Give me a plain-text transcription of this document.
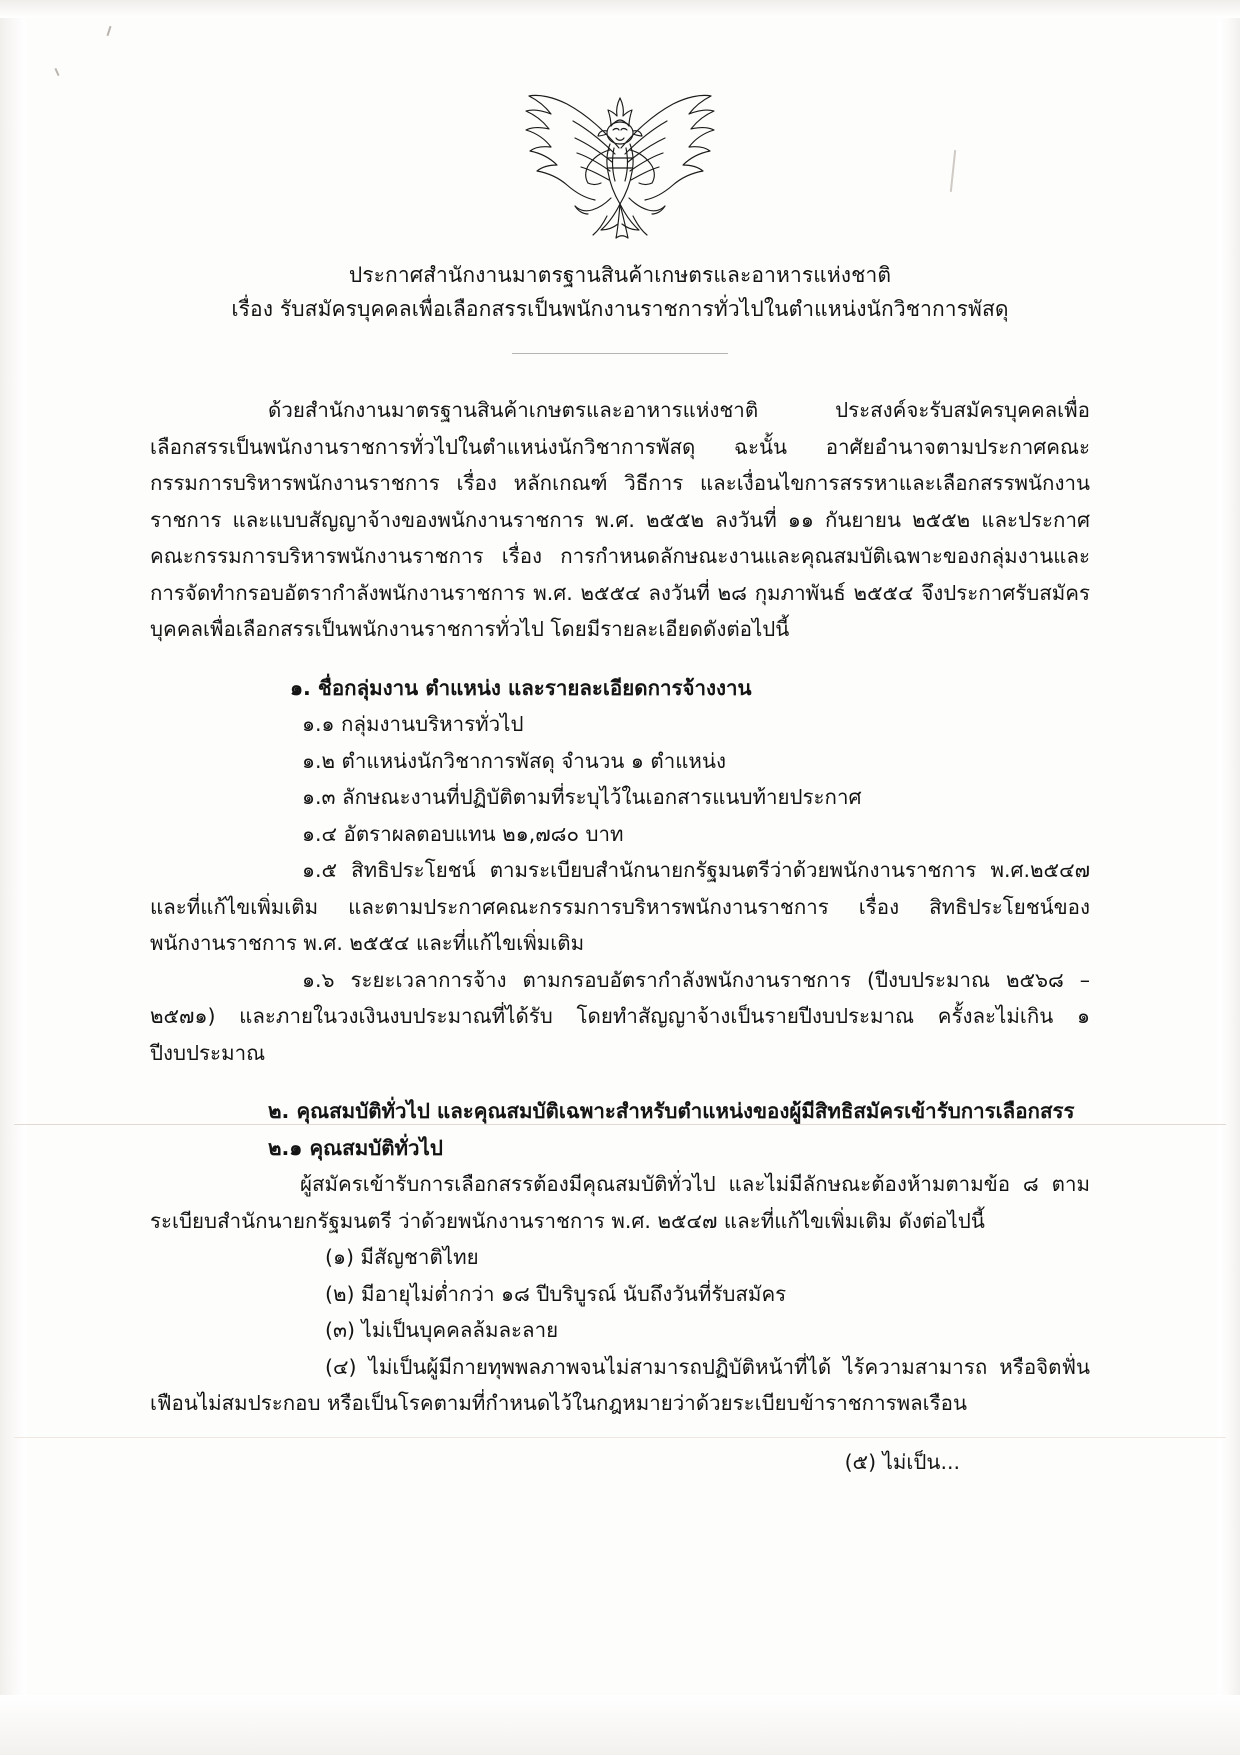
ประกาศสำนักงานมาตรฐานสินค้าเกษตรและอาหารแห่งชาติ
เรื่อง รับสมัครบุคคลเพื่อเลือกสรรเป็นพนักงานราชการทั่วไปในตำแหน่งนักวิชาการพัสดุ

ด้วยสำนักงานมาตรฐานสินค้าเกษตรและอาหารแห่งชาติ ประสงค์จะรับสมัครบุคคลเพื่อเลือกสรรเป็นพนักงานราชการทั่วไปในตำแหน่งนักวิชาการพัสดุ ฉะนั้น อาศัยอำนาจตามประกาศคณะกรรมการบริหารพนักงานราชการ เรื่อง หลักเกณฑ์ วิธีการ และเงื่อนไขการสรรหาและเลือกสรรพนักงานราชการ และแบบสัญญาจ้างของพนักงานราชการ พ.ศ. ๒๕๕๒ ลงวันที่ ๑๑ กันยายน ๒๕๕๒ และประกาศคณะกรรมการบริหารพนักงานราชการ เรื่อง การกำหนดลักษณะงานและคุณสมบัติเฉพาะของกลุ่มงานและการจัดทำกรอบอัตรากำลังพนักงานราชการ พ.ศ. ๒๕๕๔ ลงวันที่ ๒๘ กุมภาพันธ์ ๒๕๕๔ จึงประกาศรับสมัครบุคคลเพื่อเลือกสรรเป็นพนักงานราชการทั่วไป โดยมีรายละเอียดดังต่อไปนี้

๑. ชื่อกลุ่มงาน ตำแหน่ง และรายละเอียดการจ้างงาน

๑.๑ กลุ่มงานบริหารทั่วไป

๑.๒ ตำแหน่งนักวิชาการพัสดุ จำนวน ๑ ตำแหน่ง

๑.๓ ลักษณะงานที่ปฏิบัติตามที่ระบุไว้ในเอกสารแนบท้ายประกาศ

๑.๔ อัตราผลตอบแทน ๒๑,๗๘๐ บาท

๑.๕ สิทธิประโยชน์ ตามระเบียบสำนักนายกรัฐมนตรีว่าด้วยพนักงานราชการ พ.ศ.๒๕๔๗ และที่แก้ไขเพิ่มเติม และตามประกาศคณะกรรมการบริหารพนักงานราชการ เรื่อง สิทธิประโยชน์ของพนักงานราชการ พ.ศ. ๒๕๕๔ และที่แก้ไขเพิ่มเติม

๑.๖ ระยะเวลาการจ้าง ตามกรอบอัตรากำลังพนักงานราชการ (ปีงบประมาณ ๒๕๖๘ – ๒๕๗๑) และภายในวงเงินงบประมาณที่ได้รับ โดยทำสัญญาจ้างเป็นรายปีงบประมาณ ครั้งละไม่เกิน ๑ ปีงบประมาณ

๒. คุณสมบัติทั่วไป และคุณสมบัติเฉพาะสำหรับตำแหน่งของผู้มีสิทธิสมัครเข้ารับการเลือกสรร

๒.๑ คุณสมบัติทั่วไป

ผู้สมัครเข้ารับการเลือกสรรต้องมีคุณสมบัติทั่วไป และไม่มีลักษณะต้องห้ามตามข้อ ๘ ตามระเบียบสำนักนายกรัฐมนตรี ว่าด้วยพนักงานราชการ พ.ศ. ๒๕๔๗ และที่แก้ไขเพิ่มเติม ดังต่อไปนี้

(๑) มีสัญชาติไทย

(๒) มีอายุไม่ต่ำกว่า ๑๘ ปีบริบูรณ์ นับถึงวันที่รับสมัคร

(๓) ไม่เป็นบุคคลล้มละลาย

(๔) ไม่เป็นผู้มีกายทุพพลภาพจนไม่สามารถปฏิบัติหน้าที่ได้ ไร้ความสามารถ หรือจิตฟั่นเฟือนไม่สมประกอบ หรือเป็นโรคตามที่กำหนดไว้ในกฎหมายว่าด้วยระเบียบข้าราชการพลเรือน

(๕) ไม่เป็น...
